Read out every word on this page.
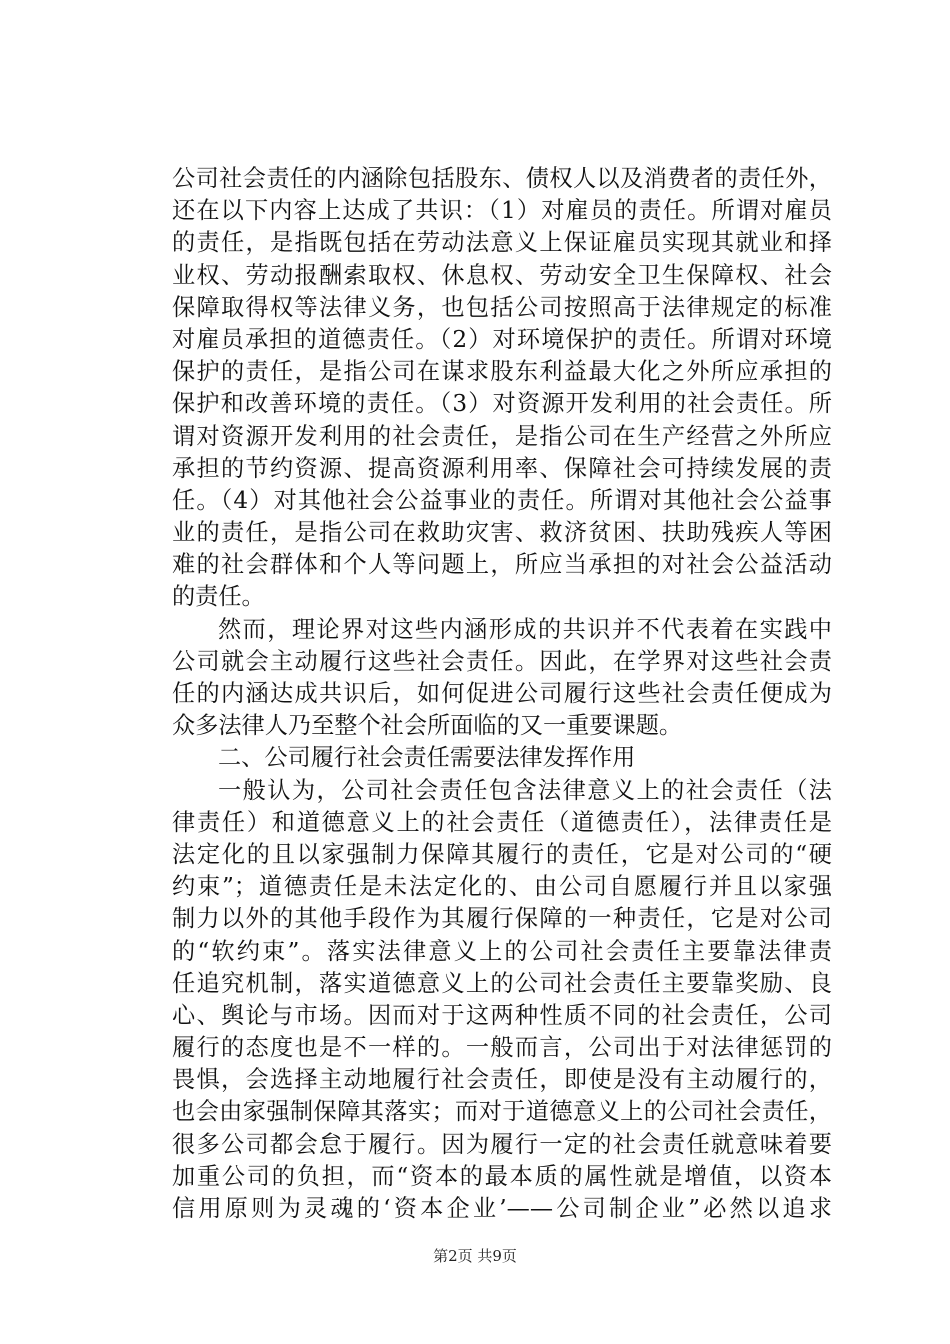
公司社会责任的内涵除包括股东、债权人以及消费者的责任外，
还在以下内容上达成了共识：（1）对雇员的责任。所谓对雇员
的责任，是指既包括在劳动法意义上保证雇员实现其就业和择
业权、劳动报酬索取权、休息权、劳动安全卫生保障权、社会
保障取得权等法律义务，也包括公司按照高于法律规定的标准
对雇员承担的道德责任。（2）对环境保护的责任。所谓对环境
保护的责任，是指公司在谋求股东利益最大化之外所应承担的
保护和改善环境的责任。（3）对资源开发利用的社会责任。所
谓对资源开发利用的社会责任，是指公司在生产经营之外所应
承担的节约资源、提高资源利用率、保障社会可持续发展的责
任。（4）对其他社会公益事业的责任。所谓对其他社会公益事
业的责任，是指公司在救助灾害、救济贫困、扶助残疾人等困
难的社会群体和个人等问题上，所应当承担的对社会公益活动
的责任。
然而，理论界对这些内涵形成的共识并不代表着在实践中
公司就会主动履行这些社会责任。因此，在学界对这些社会责
任的内涵达成共识后，如何促进公司履行这些社会责任便成为
众多法律人乃至整个社会所面临的又一重要课题。
二、公司履行社会责任需要法律发挥作用
一般认为，公司社会责任包含法律意义上的社会责任（法
律责任）和道德意义上的社会责任（道德责任），法律责任是
法定化的且以家强制力保障其履行的责任，它是对公司的“硬
约束”；道德责任是未法定化的、由公司自愿履行并且以家强
制力以外的其他手段作为其履行保障的一种责任，它是对公司
的“软约束”。落实法律意义上的公司社会责任主要靠法律责
任追究机制，落实道德意义上的公司社会责任主要靠奖励、良
心、舆论与市场。因而对于这两种性质不同的社会责任，公司
履行的态度也是不一样的。一般而言，公司出于对法律惩罚的
畏惧，会选择主动地履行社会责任，即使是没有主动履行的，
也会由家强制保障其落实；而对于道德意义上的公司社会责任，
很多公司都会怠于履行。因为履行一定的社会责任就意味着要
加重公司的负担，而“资本的最本质的属性就是增值，以资本
信用原则为灵魂的‘资本企业’——公司制企业”必然以追求
第2页 共9页
